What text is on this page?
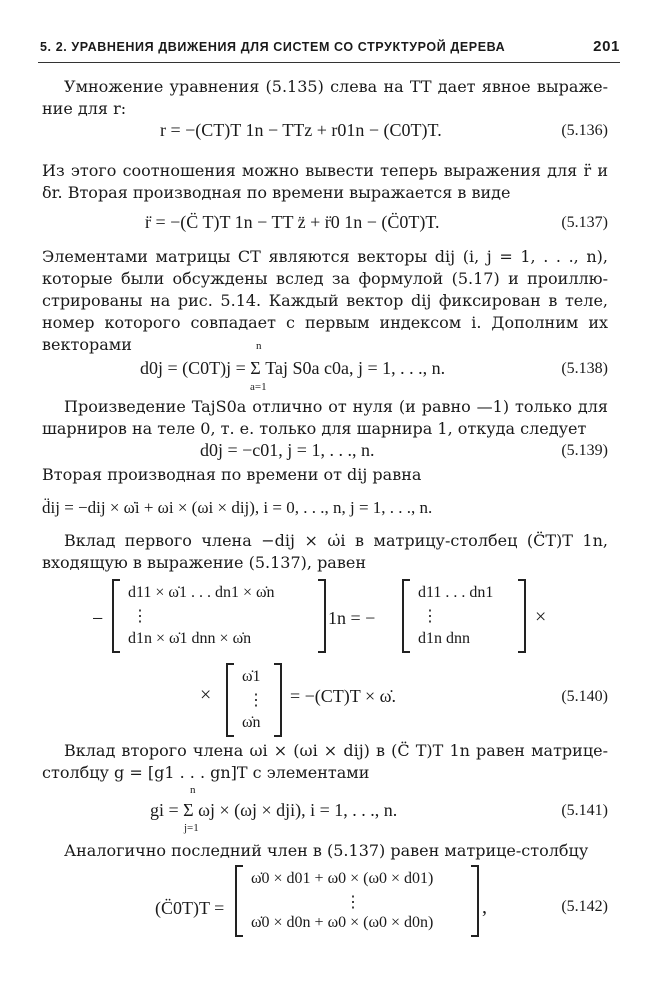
5. 2. УРАВНЕНИЯ ДВИЖЕНИЯ ДЛЯ СИСТЕМ СО СТРУКТУРОЙ ДЕРЕВА	201
Умножение уравнения (5.135) слева на TT дает явное выраже-ние для r:
r = −(CT)T 1n − TTz + r01n − (C0T)T.	(5.136)
Из этого соотношения можно вывести теперь выражения для r̈ и δr. Вторая производная по времени выражается в виде
r̈ = −(C̈ T)T 1n − TT z̈ + r̈0 1n − (C̈0T)T.	(5.137)
Элементами матрицы CT являются векторы dij (i, j = 1, . . ., n), которые были обсуждены вслед за формулой (5.17) и проиллю-стрированы на рис. 5.14. Каждый вектор dij фиксирован в теле, номер которого совпадает с первым индексом i. Дополним их векторами
d0j = (C0T)j = Σ Taj S0a c0a, j = 1, . . ., n.
n
a=1
(5.138)
Произведение TajS0a отлично от нуля (и равно —1) только для шарниров на теле 0, т. е. только для шарнира 1, откуда следует
d0j = −c01, j = 1, . . ., n.	(5.139)
Вторая производная по времени от dij равна
d̈ij = −dij × ω̇i + ωi × (ωi × dij), i = 0, . . ., n, j = 1, . . ., n.
Вклад первого члена −dij × ω̇i в матрицу-столбец (C̈T)T 1n, входящую в выражение (5.137), равен
−
d11 × ω̇1 . . . dn1 × ω̇n
⋮
d1n × ω̇1 dnn × ω̇n
1n = −
d11 . . . dn1
⋮
d1n dnn
×
×
ω̇1
⋮
ω̇n
= −(CT)T × ω̇.	(5.140)
Вклад второго члена ωi × (ωi × dij) в (C̈ T)T 1n равен матрице-столбцу g = [g1 . . . gn]T с элементами
gi = Σ ωj × (ωj × dji), i = 1, . . ., n.
n
j=1
(5.141)
Аналогично последний член в (5.137) равен матрице-столбцу
(C̈0T)T =
ω̇0 × d01 + ω0 × (ω0 × d01)
⋮
ω̇0 × d0n + ω0 × (ω0 × d0n)
,	(5.142)
